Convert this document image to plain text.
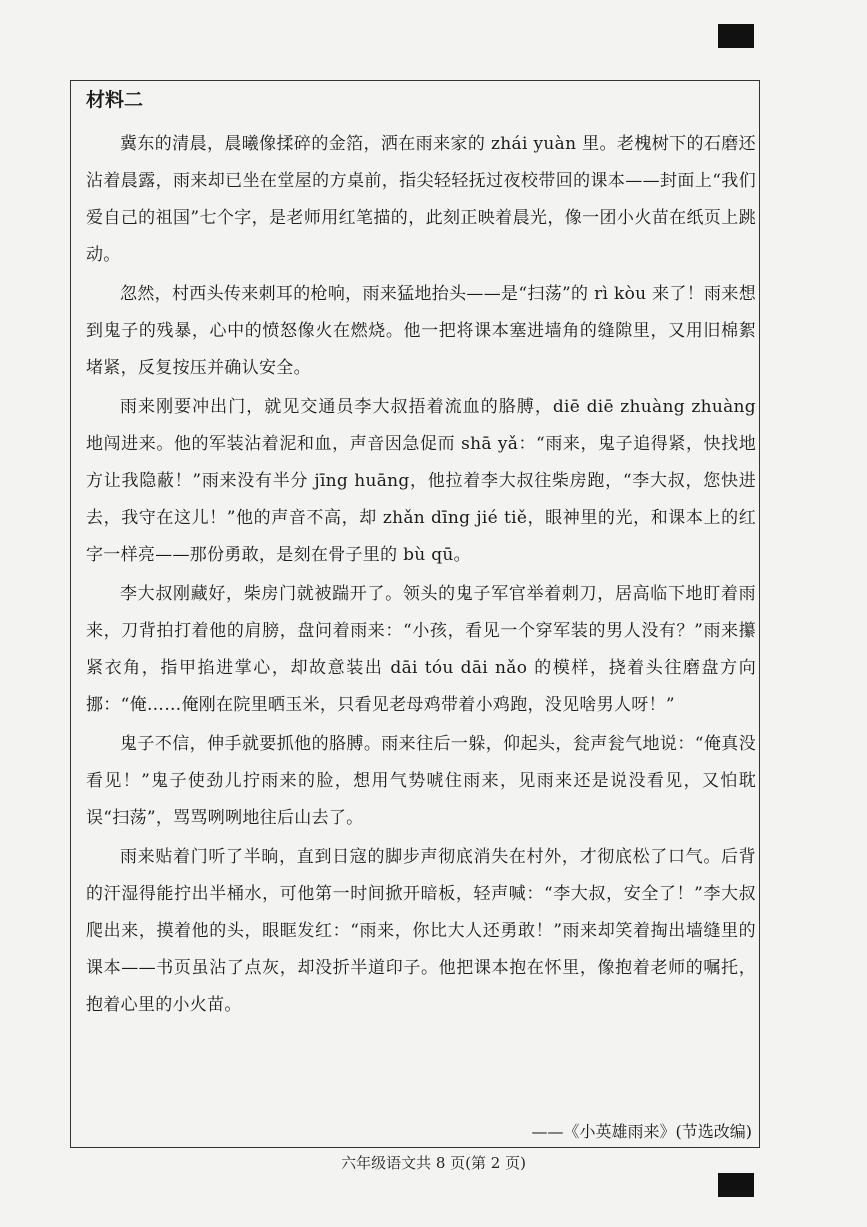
材料二

冀东的清晨，晨曦像揉碎的金箔，洒在雨来家的 zhái yuàn 里。老槐树下的石磨还沾着晨露，雨来却已坐在堂屋的方桌前，指尖轻轻抚过夜校带回的课本——封面上“我们爱自己的祖国”七个字，是老师用红笔描的，此刻正映着晨光，像一团小火苗在纸页上跳动。

忽然，村西头传来刺耳的枪响，雨来猛地抬头——是“扫荡”的 rì kòu 来了！雨来想到鬼子的残暴，心中的愤怒像火在燃烧。他一把将课本塞进墙角的缝隙里，又用旧棉絮堵紧，反复按压并确认安全。

雨来刚要冲出门，就见交通员李大叔捂着流血的胳膊，diē diē zhuàng zhuàng 地闯进来。他的军装沾着泥和血，声音因急促而 shā yǎ：“雨来，鬼子追得紧，快找地方让我隐蔽！”雨来没有半分 jīng huāng，他拉着李大叔往柴房跑，“李大叔，您快进去，我守在这儿！”他的声音不高，却 zhǎn dīng jié tiě，眼神里的光，和课本上的红字一样亮——那份勇敢，是刻在骨子里的 bù qū。

李大叔刚藏好，柴房门就被踹开了。领头的鬼子军官举着刺刀，居高临下地盯着雨来，刀背拍打着他的肩膀，盘问着雨来：“小孩，看见一个穿军装的男人没有？”雨来攥紧衣角，指甲掐进掌心，却故意装出 dāi tóu dāi nǎo 的模样，挠着头往磨盘方向挪：“俺……俺刚在院里晒玉米，只看见老母鸡带着小鸡跑，没见啥男人呀！”

鬼子不信，伸手就要抓他的胳膊。雨来往后一躲，仰起头，瓮声瓮气地说：“俺真没看见！”鬼子使劲儿拧雨来的脸，想用气势唬住雨来，见雨来还是说没看见，又怕耽误“扫荡”，骂骂咧咧地往后山去了。

雨来贴着门听了半晌，直到日寇的脚步声彻底消失在村外，才彻底松了口气。后背的汗湿得能拧出半桶水，可他第一时间掀开暗板，轻声喊：“李大叔，安全了！”李大叔爬出来，摸着他的头，眼眶发红：“雨来，你比大人还勇敢！”雨来却笑着掏出墙缝里的课本——书页虽沾了点灰，却没折半道印子。他把课本抱在怀里，像抱着老师的嘱托，抱着心里的小火苗。

——《小英雄雨来》(节选改编)
六年级语文共 8 页(第 2 页)
